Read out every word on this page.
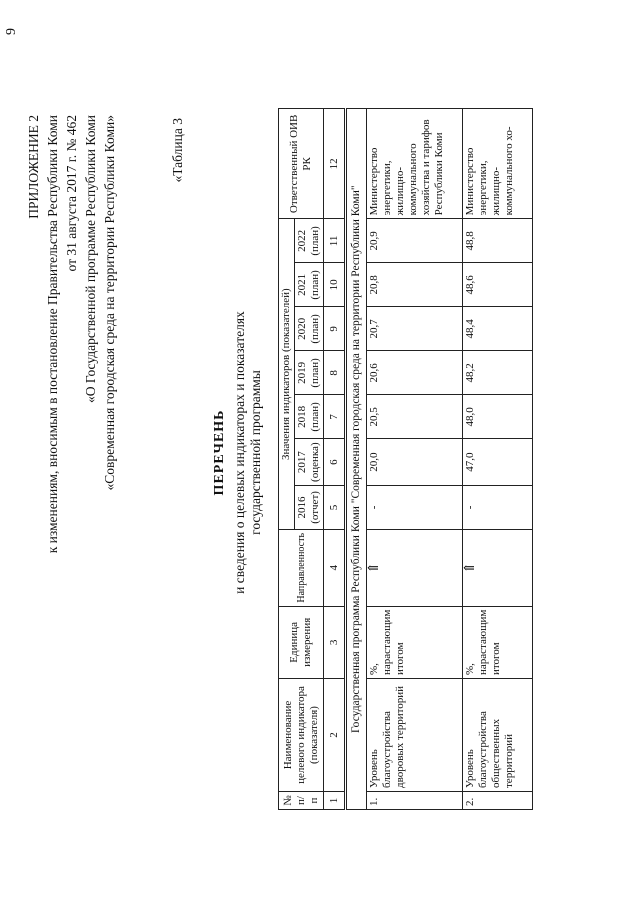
9
ПРИЛОЖЕНИЕ 2 к изменениям, вносимым в постановление Правительства Республики Коми от 31 августа 2017 г. № 462 «О Государственной программе Республики Коми «Современная городская среда на территории Республики Коми»	«Таблица 3
ПЕРЕЧЕНЬ и сведения о целевых индикаторах и показателях государственной программы
№ п/п	Наименование целевого индикатора (показателя)	Единица измерения	Направленность	Значения индикаторов (показателей)							Ответственный ОИВ РК
				2016 (отчет)	2017 (оценка)	2018 (план)	2019 (план)	2020 (план)	2021 (план)	2022 (план)	
1	2	3	4	5	6	7	8	9	10	11	12
Государственная программа Республики Коми "Современная городская среда на территории Республики Коми"											
1.	Уровень благоустройства дворовых территорий	%, нарастающим итогом	⇑	-	20,0	20,5	20,6	20,7	20,8	20,9	Министерство энергетики, жилищно-коммунального хозяйства и тарифов Республики Коми
2.	Уровень благоустройства общественных территорий	%, нарастающим итогом	⇑	-	47,0	48,0	48,2	48,4	48,6	48,8	Министерство энергетики, жилищно-коммунального хо-
